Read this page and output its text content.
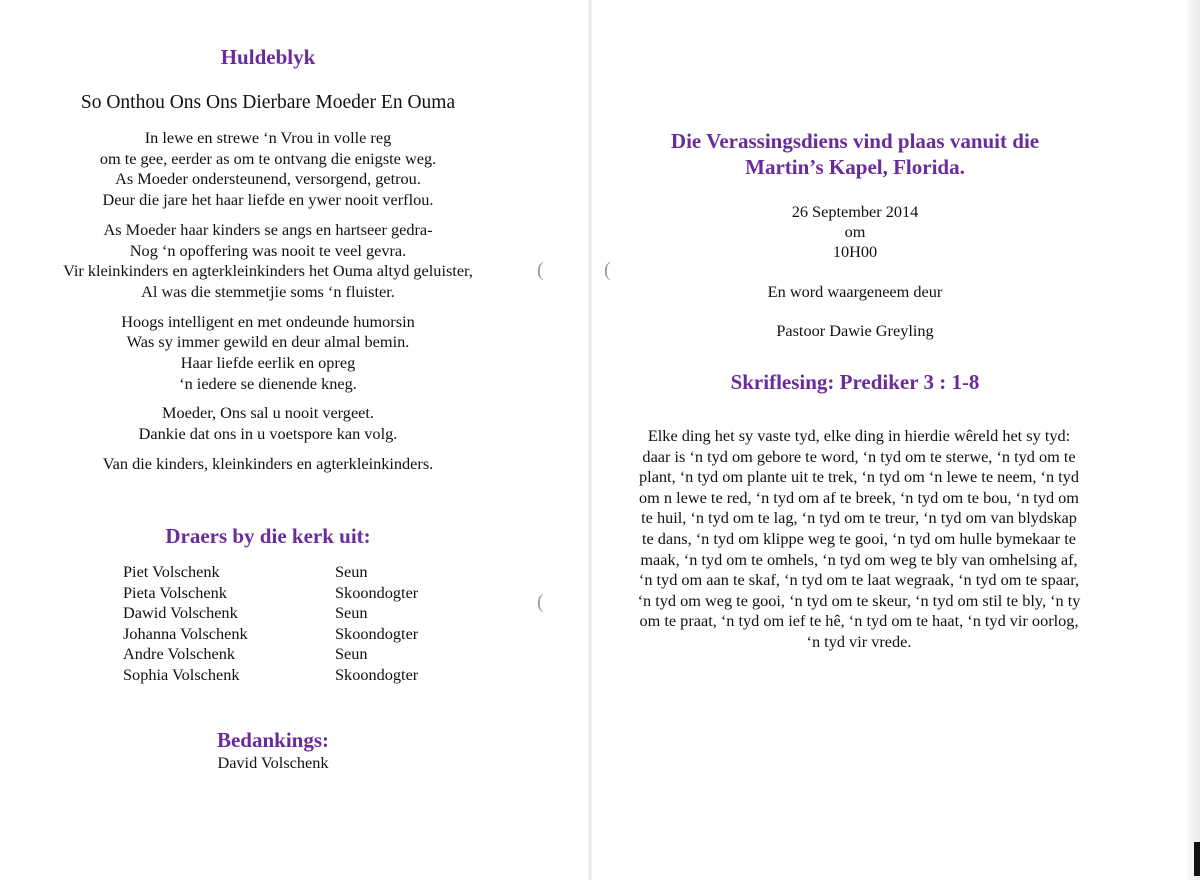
Huldeblyk
So Onthou Ons Ons Dierbare Moeder En Ouma
In lewe en strewe ‘n Vrou in volle reg
om te gee, eerder as om te ontvang die enigste weg.
As Moeder ondersteunend, versorgend, getrou.
Deur die jare het haar liefde en ywer nooit verflou.
As Moeder haar kinders se angs en hartseer gedra-
Nog ‘n opoffering was nooit te veel gevra.
Vir kleinkinders en agterkleinkinders het Ouma altyd geluister,
Al was die stemmetjie soms ‘n fluister.
Hoogs intelligent en met ondeunde humorsin
Was sy immer gewild en deur almal bemin.
Haar liefde eerlik en opreg
‘n iedere se dienende kneg.
Moeder, Ons sal u nooit vergeet.
Dankie dat ons in u voetspore kan volg.
Van die kinders, kleinkinders en agterkleinkinders.
Draers by die kerk uit:
Piet Volschenk	Seun
Pieta Volschenk	Skoondogter
Dawid Volschenk	Seun
Johanna Volschenk	Skoondogter
Andre Volschenk	Seun
Sophia Volschenk	Skoondogter
Bedankings:
David Volschenk
(
(
Die Verassingsdiens vind plaas vanuit die
Martin’s Kapel, Florida.
26 September 2014
om
10H00
En word waargeneem deur
Pastoor Dawie Greyling
Skriflesing: Prediker 3 : 1-8
Elke ding het sy vaste tyd, elke ding in hierdie wêreld het sy tyd:
daar is ‘n tyd om gebore te word, ‘n tyd om te sterwe, ‘n tyd om te
plant, ‘n tyd om plante uit te trek, ‘n tyd om ‘n lewe te neem, ‘n tyd
om n lewe te red, ‘n tyd om af te breek, ‘n tyd om te bou, ‘n tyd om
te huil, ‘n tyd om te lag, ‘n tyd om te treur, ‘n tyd om van blydskap
te dans, ‘n tyd om klippe weg te gooi, ‘n tyd om hulle bymekaar te
maak, ‘n tyd om te omhels, ‘n tyd om weg te bly van omhelsing af,
‘n tyd om aan te skaf, ‘n tyd om te laat wegraak, ‘n tyd om te spaar,
‘n tyd om weg te gooi, ‘n tyd om te skeur, ‘n tyd om stil te bly, ‘n ty
om te praat, ‘n tyd om ief te hê, ‘n tyd om te haat, ‘n tyd vir oorlog,
‘n tyd vir vrede.
(
